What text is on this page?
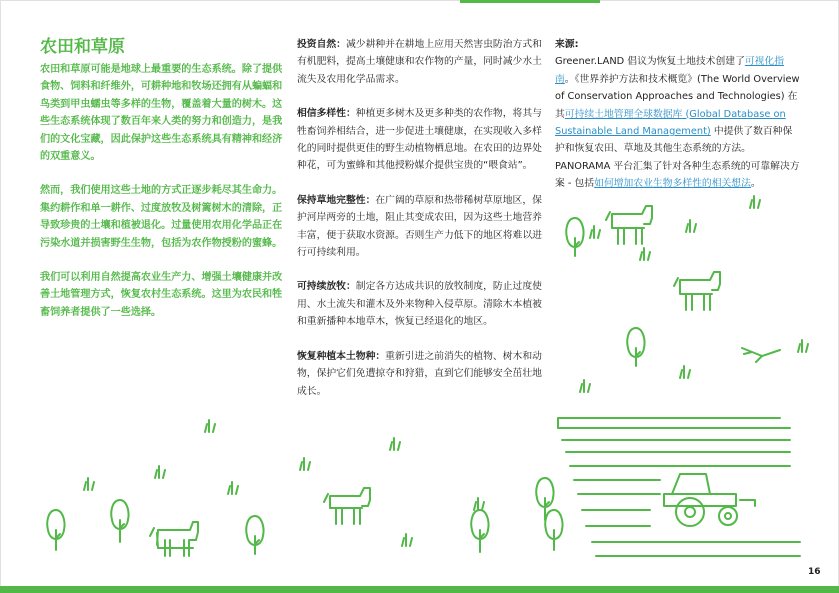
农田和草原

农田和草原可能是地球上最重要的生态系统。除了提供食物、饲料和纤维外，可耕种地和牧场还拥有从蝙蝠和鸟类到甲虫蠕虫等多样的生物，覆盖着大量的树木。这些生态系统体现了数百年来人类的努力和创造力，是我们的文化宝藏，因此保护这些生态系统具有精神和经济的双重意义。

然而，我们使用这些土地的方式正逐步耗尽其生命力。集约耕作和单一耕作、过度放牧及树篱树木的清除，正导致珍贵的土壤和植被退化。过量使用农用化学品正在污染水道并损害野生生物，包括为农作物授粉的蜜蜂。

我们可以利用自然提高农业生产力、增强土壤健康并改善土地管理方式，恢复农村生态系统。这里为农民和牲畜饲养者提供了一些选择。

投资自然：减少耕种并在耕地上应用天然害虫防治方式和有机肥料，提高土壤健康和农作物的产量，同时减少水土流失及农用化学品需求。

相信多样性：种植更多树木及更多种类的农作物，将其与牲畜饲养相结合，进一步促进土壤健康，在实现收入多样化的同时提供更佳的野生动植物栖息地。在农田的边界处种花，可为蜜蜂和其他授粉媒介提供宝贵的“喂食站”。

保持草地完整性：在广阔的草原和热带稀树草原地区，保护河岸两旁的土地，阻止其变成农田，因为这些土地营养丰富，便于获取水资源。否则生产力低下的地区将难以进行可持续利用。

可持续放牧：制定各方达成共识的放牧制度，防止过度使用、水土流失和灌木及外来物种入侵草原。清除木本植被和重新播种本地草木，恢复已经退化的地区。

恢复种植本土物种：重新引进之前消失的植物、树木和动物，保护它们免遭掠夺和狩猎，直到它们能够安全茁壮地成长。

来源:
Greener.LAND 倡议为恢复土地技术创建了可视化指南。《世界养护方法和技术概览》(The World Overview of Conservation Approaches and Technologies) 在其可持续土地管理全球数据库 (Global Database on Sustainable Land Management) 中提供了数百种保护和恢复农田、草地及其他生态系统的方法。PANORAMA 平台汇集了针对各种生态系统的可靠解决方案 - 包括如何增加农业生物多样性的相关想法。

16
